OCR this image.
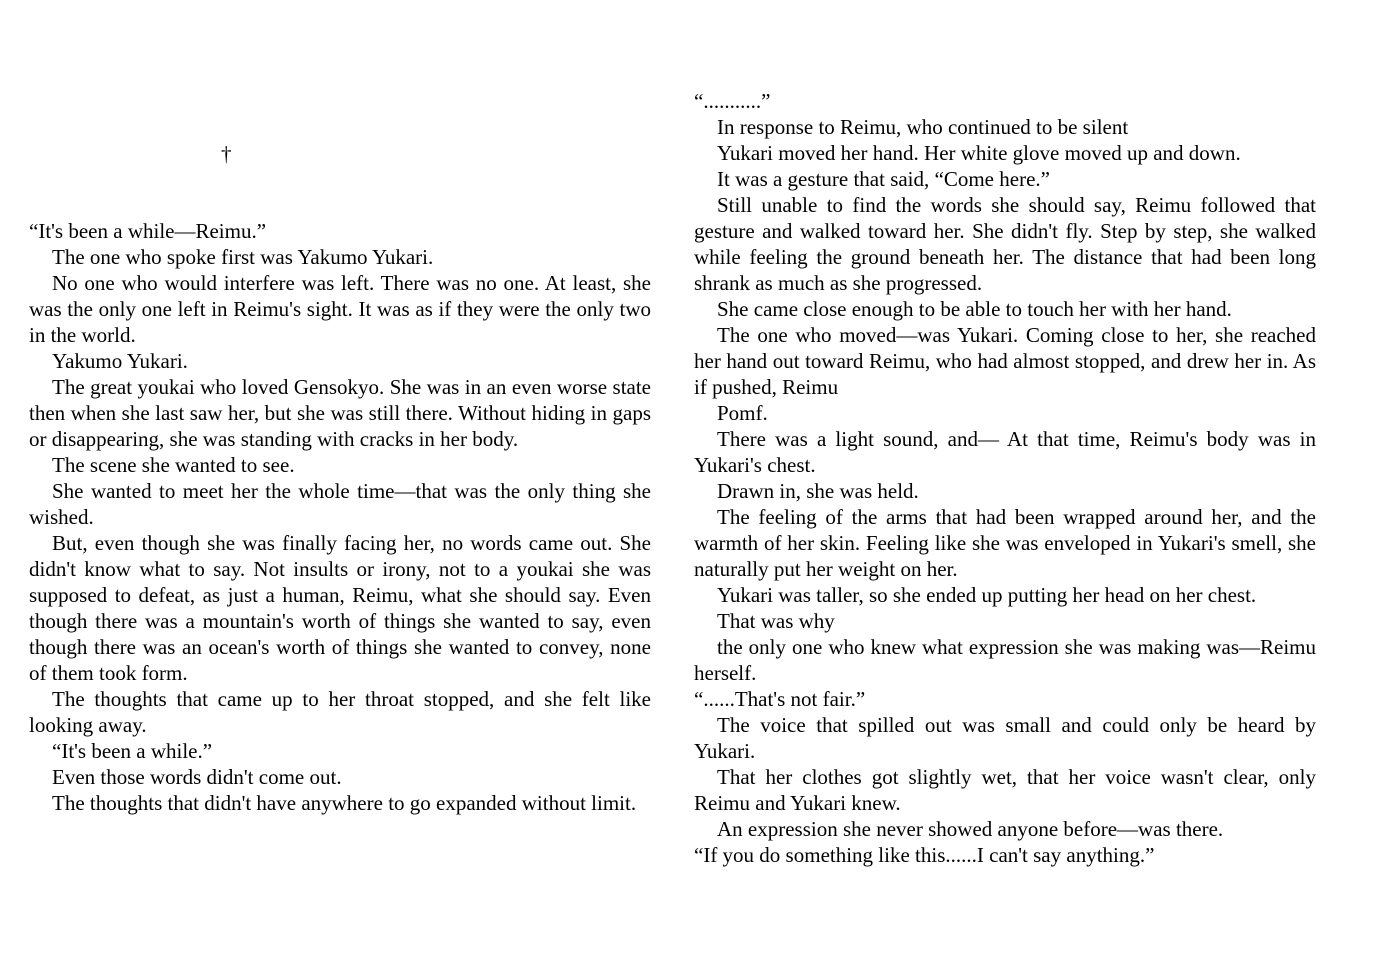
†

“It's been a while—Reimu.”

The one who spoke first was Yakumo Yukari.

No one who would interfere was left. There was no one. At least, she was the only one left in Reimu's sight. It was as if they were the only two in the world.

Yakumo Yukari.

The great youkai who loved Gensokyo. She was in an even worse state then when she last saw her, but she was still there. Without hiding in gaps or disappearing, she was standing with cracks in her body.

The scene she wanted to see.

She wanted to meet her the whole time—that was the only thing she wished.

But, even though she was finally facing her, no words came out. She didn't know what to say. Not insults or irony, not to a youkai she was supposed to defeat, as just a human, Reimu, what she should say. Even though there was a mountain's worth of things she wanted to say, even though there was an ocean's worth of things she wanted to convey, none of them took form.

The thoughts that came up to her throat stopped, and she felt like looking away.

“It's been a while.”

Even those words didn't come out.

The thoughts that didn't have anywhere to go expanded without limit.

“...........”

In response to Reimu, who continued to be silent

Yukari moved her hand. Her white glove moved up and down.

It was a gesture that said, “Come here.”

Still unable to find the words she should say, Reimu followed that gesture and walked toward her. She didn't fly. Step by step, she walked while feeling the ground beneath her. The distance that had been long shrank as much as she progressed.

She came close enough to be able to touch her with her hand.

The one who moved—was Yukari. Coming close to her, she reached her hand out toward Reimu, who had almost stopped, and drew her in. As if pushed, Reimu

Pomf.

There was a light sound, and— At that time, Reimu's body was in Yukari's chest.

Drawn in, she was held.

The feeling of the arms that had been wrapped around her, and the warmth of her skin. Feeling like she was enveloped in Yukari's smell, she naturally put her weight on her.

Yukari was taller, so she ended up putting her head on her chest.

That was why

the only one who knew what expression she was making was—Reimu herself.

“......That's not fair.”

The voice that spilled out was small and could only be heard by Yukari.

That her clothes got slightly wet, that her voice wasn't clear, only Reimu and Yukari knew.

An expression she never showed anyone before—was there.

“If you do something like this......I can't say anything.”
